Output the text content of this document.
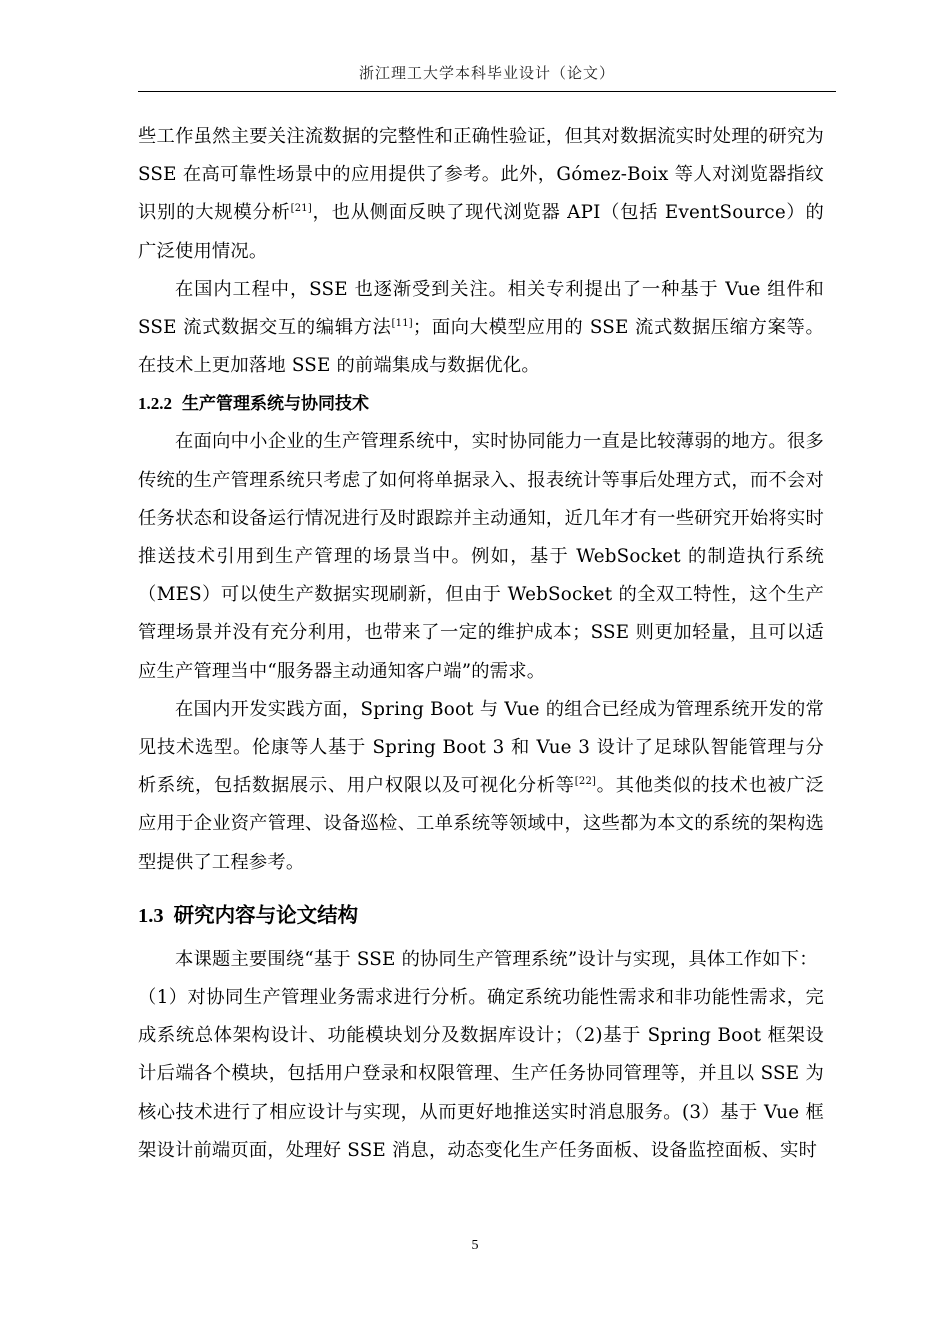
浙江理工大学本科毕业设计（论文）

些工作虽然主要关注流数据的完整性和正确性验证，但其对数据流实时处理的研究为 SSE 在高可靠性场景中的应用提供了参考。此外，Gómez-Boix 等人对浏览器指纹识别的大规模分析[21]，也从侧面反映了现代浏览器 API（包括 EventSource）的广泛使用情况。

在国内工程中，SSE 也逐渐受到关注。相关专利提出了一种基于 Vue 组件和 SSE 流式数据交互的编辑方法[11]；面向大模型应用的 SSE 流式数据压缩方案等。在技术上更加落地 SSE 的前端集成与数据优化。

1.2.2 生产管理系统与协同技术

在面向中小企业的生产管理系统中，实时协同能力一直是比较薄弱的地方。很多传统的生产管理系统只考虑了如何将单据录入、报表统计等事后处理方式，而不会对任务状态和设备运行情况进行及时跟踪并主动通知，近几年才有一些研究开始将实时推送技术引用到生产管理的场景当中。例如，基于 WebSocket 的制造执行系统（MES）可以使生产数据实现刷新，但由于 WebSocket 的全双工特性，这个生产管理场景并没有充分利用，也带来了一定的维护成本；SSE 则更加轻量，且可以适应生产管理当中“服务器主动通知客户端”的需求。

在国内开发实践方面，Spring Boot 与 Vue 的组合已经成为管理系统开发的常见技术选型。伦康等人基于 Spring Boot 3 和 Vue 3 设计了足球队智能管理与分析系统，包括数据展示、用户权限以及可视化分析等[22]。其他类似的技术也被广泛应用于企业资产管理、设备巡检、工单系统等领域中，这些都为本文的系统的架构选型提供了工程参考。

1.3 研究内容与论文结构

本课题主要围绕“基于 SSE 的协同生产管理系统”设计与实现，具体工作如下：

（1）对协同生产管理业务需求进行分析。确定系统功能性需求和非功能性需求，完成系统总体架构设计、功能模块划分及数据库设计；（2)基于 Spring Boot 框架设计后端各个模块，包括用户登录和权限管理、生产任务协同管理等，并且以 SSE 为核心技术进行了相应设计与实现，从而更好地推送实时消息服务。(3）基于 Vue 框架设计前端页面，处理好 SSE 消息，动态变化生产任务面板、设备监控面板、实时

5
